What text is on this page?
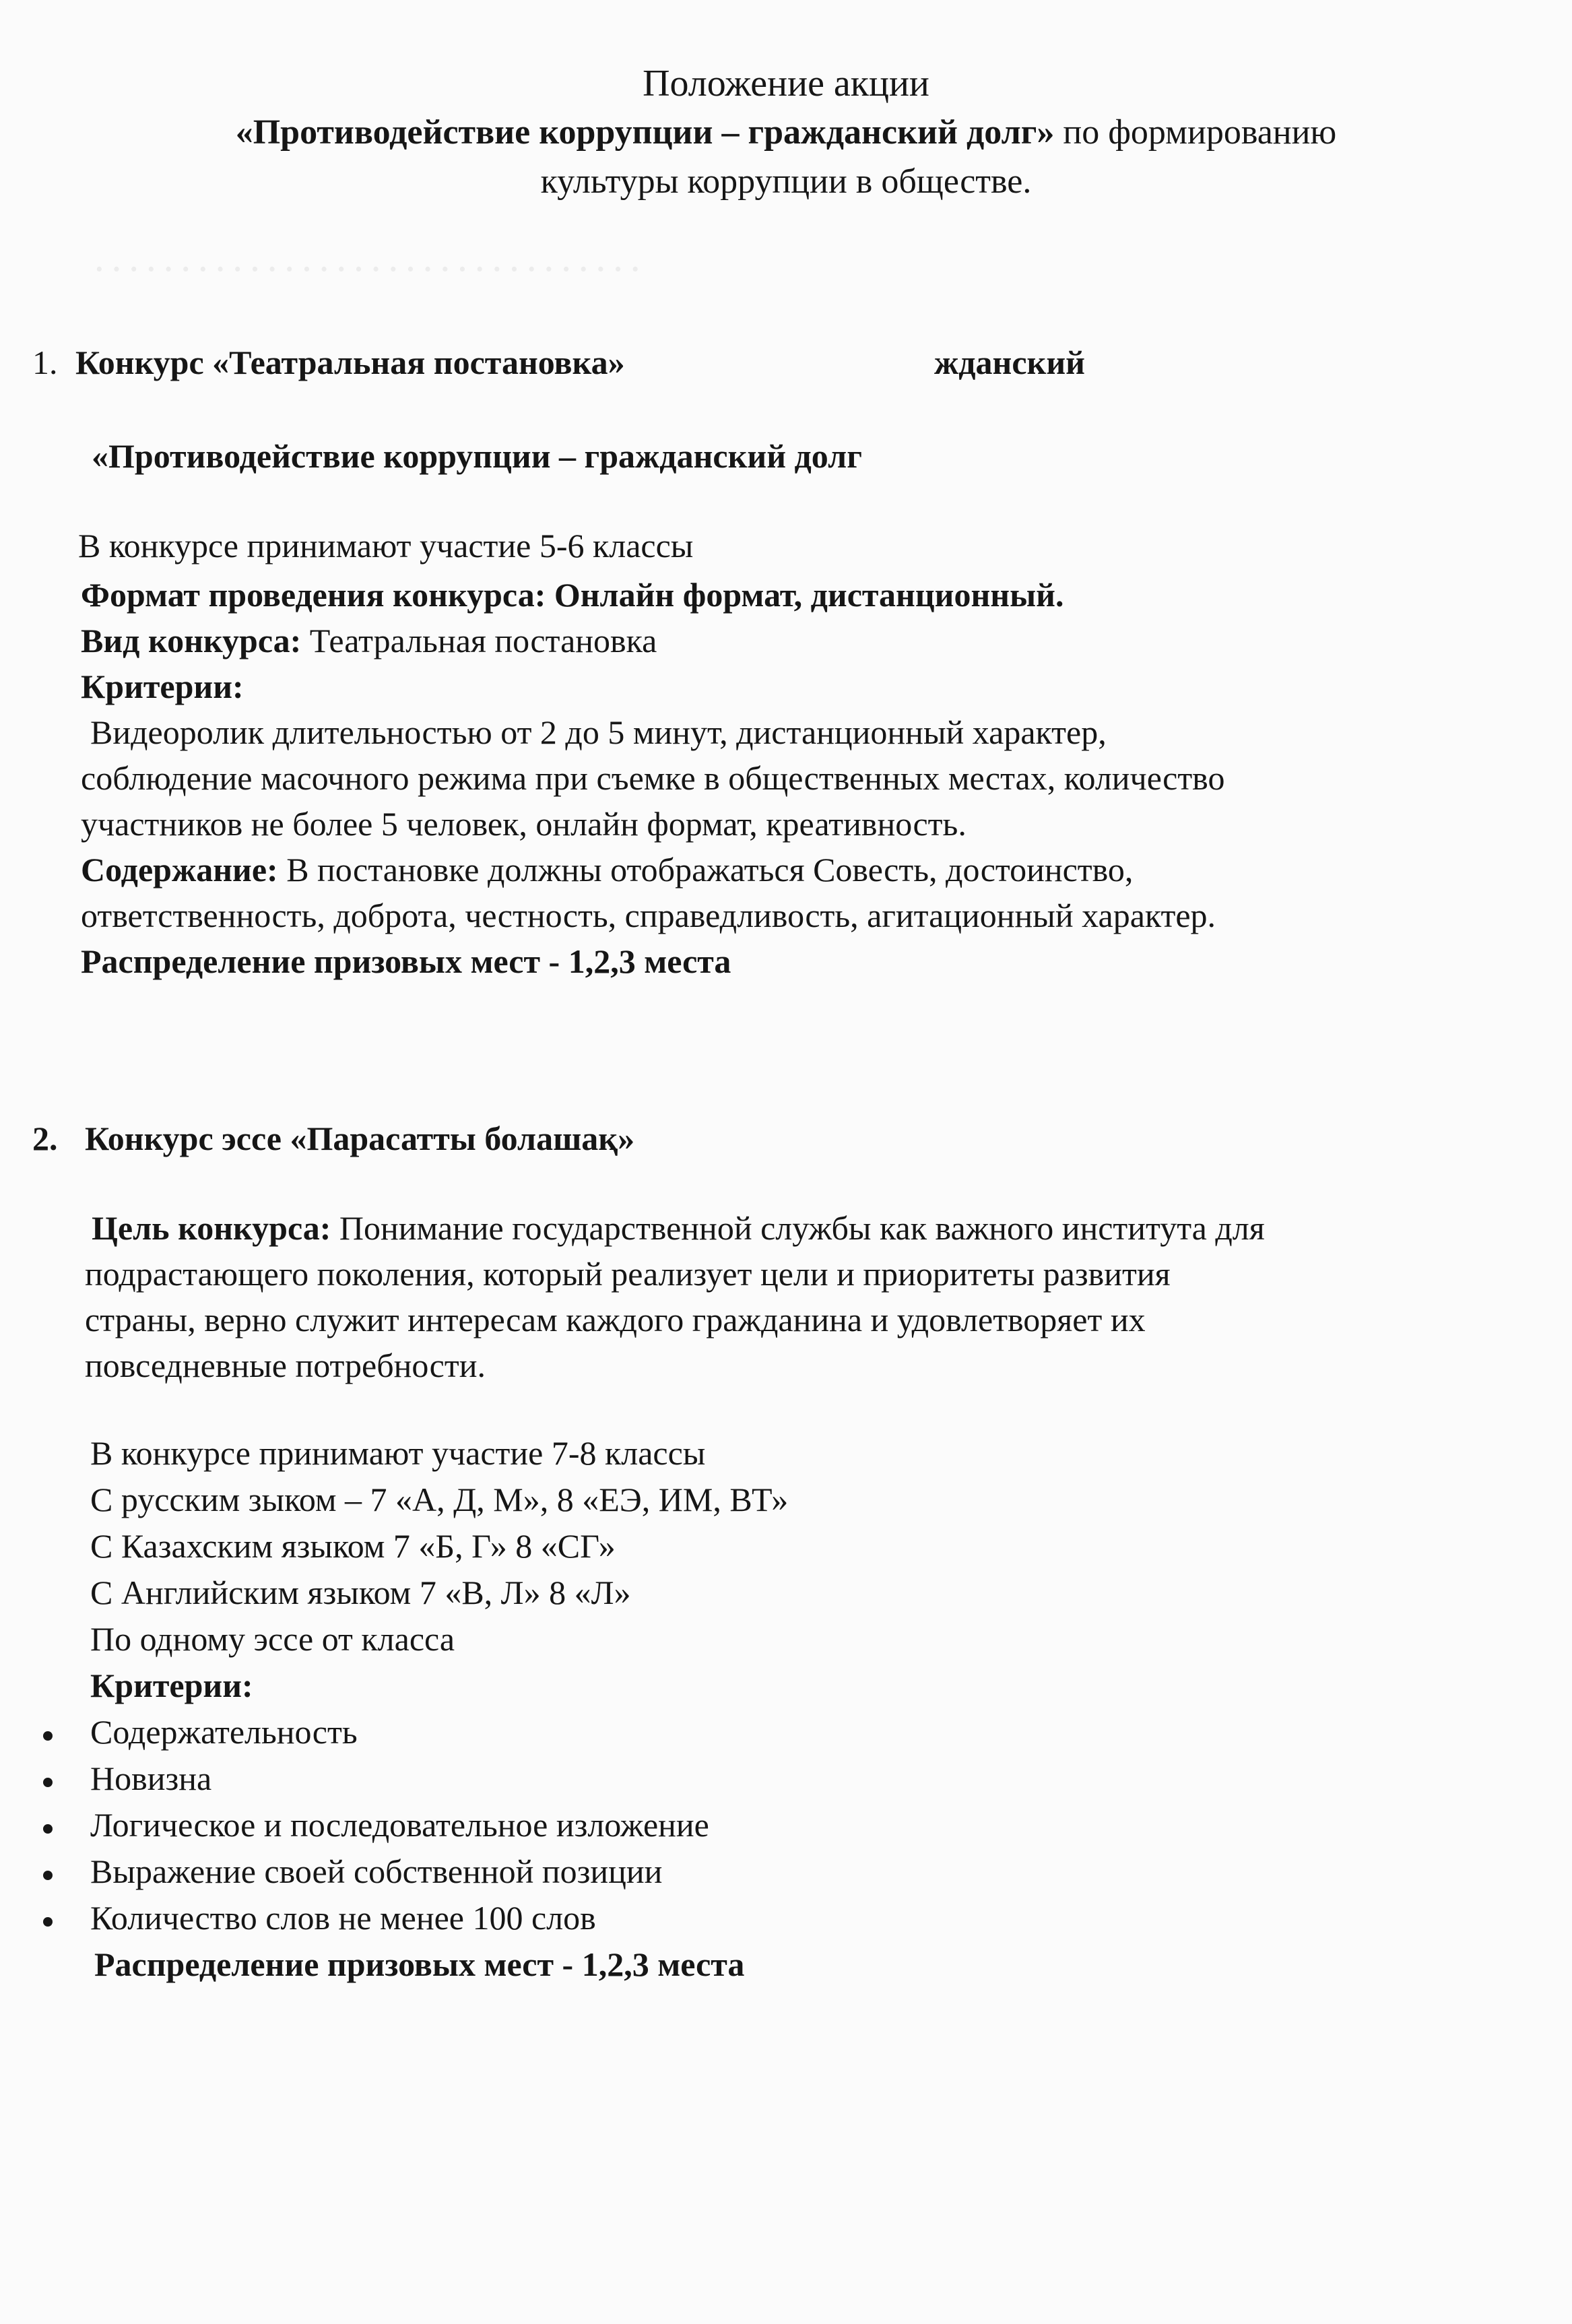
· · · · · · · · · · · · · · · · · · · · · · · · · · · · · · · ·
Положение акции
«Противодействие коррупции – гражданский долг» по формированию
культуры коррупции в обществе.
1. Конкурс «Театральная постановка»	жданский
«Противодействие коррупции – гражданский долг
В конкурсе принимают участие 5-6 классы
Формат проведения конкурса: Онлайн формат, дистанционный.
Вид конкурса: Театральная постановка
Критерии:
Видеоролик длительностью от 2 до 5 минут, дистанционный характер,
соблюдение масочного режима при съемке в общественных местах, количество
участников не более 5 человек, онлайн формат, креативность.
Содержание: В постановке должны отображаться Совесть, достоинство,
ответственность, доброта, честность, справедливость, агитационный характер.
Распределение призовых мест - 1,2,3 места
2. Конкурс эссе «Парасатты болашақ»
Цель конкурса: Понимание государственной службы как важного института для
подрастающего поколения, который реализует цели и приоритеты развития
страны, верно служит интересам каждого гражданина и удовлетворяет их
повседневные потребности.
В конкурсе принимают участие 7-8 классы
С русским зыком – 7 «А, Д, М», 8 «ЕЭ, ИМ, ВТ»
С Казахским языком 7 «Б, Г» 8 «СГ»
С Английским языком 7 «В, Л» 8 «Л»
По одному эссе от класса
Критерии:
Содержательность
Новизна
Логическое и последовательное изложение
Выражение своей собственной позиции
Количество слов не менее 100 слов
Распределение призовых мест - 1,2,3 места
